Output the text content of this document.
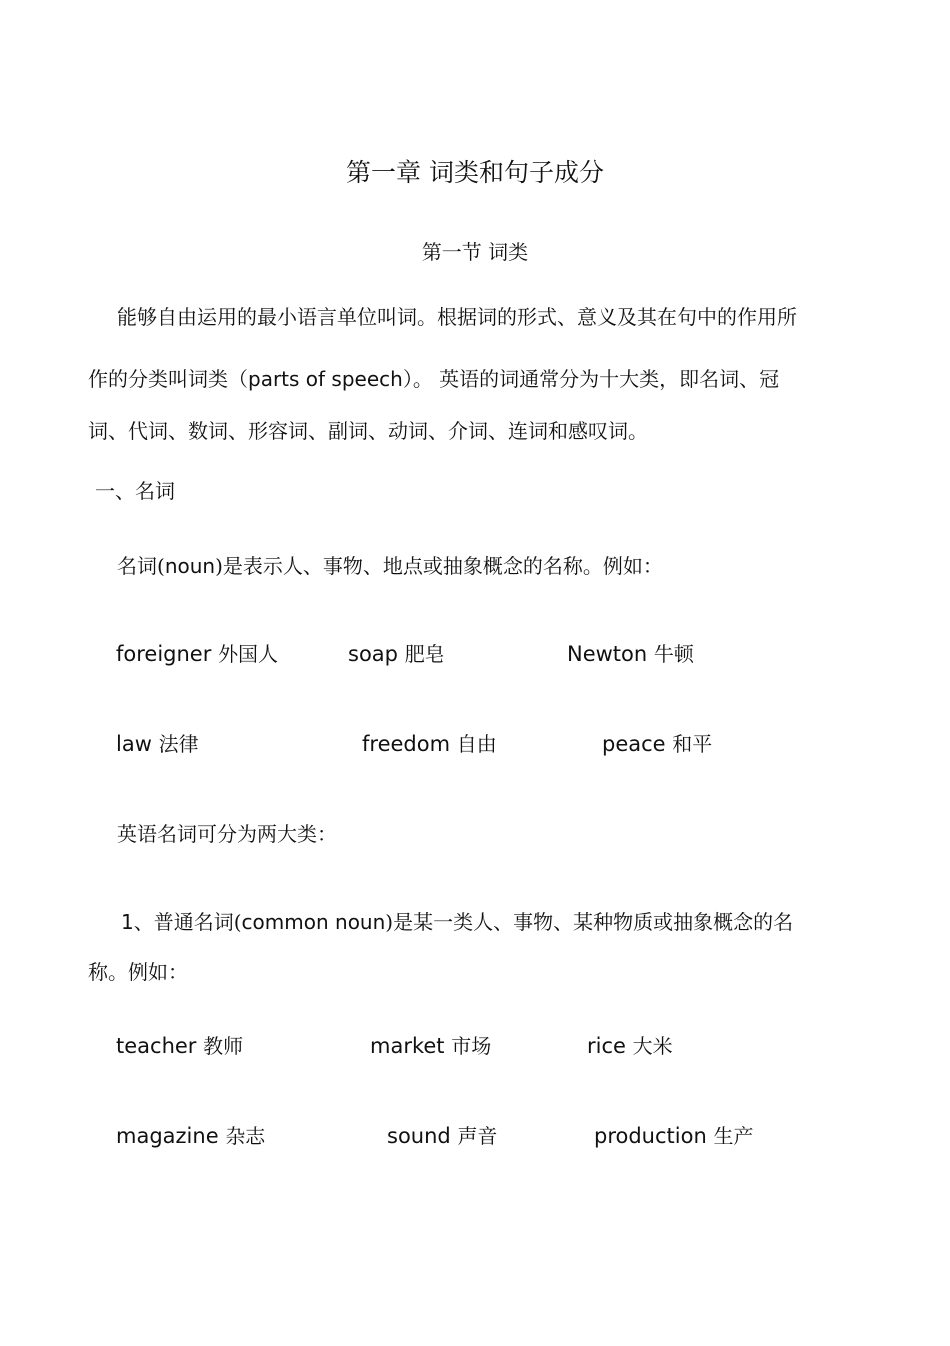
第一章 词类和句子成分
第一节 词类
能够自由运用的最小语言单位叫词。根据词的形式、意义及其在句中的作用所
作的分类叫词类（parts of speech）。 英语的词通常分为十大类，即名词、冠
词、代词、数词、形容词、副词、动词、介词、连词和感叹词。
一、名词
名词(noun)是表示人、事物、地点或抽象概念的名称。例如：
foreigner 外国人	soap 肥皂	Newton 牛顿
law 法律	freedom 自由	peace 和平
英语名词可分为两大类：
1、普通名词(common noun)是某一类人、事物、某种物质或抽象概念的名
称。例如：
teacher 教师	market 市场	rice 大米
magazine 杂志	sound 声音	production 生产
